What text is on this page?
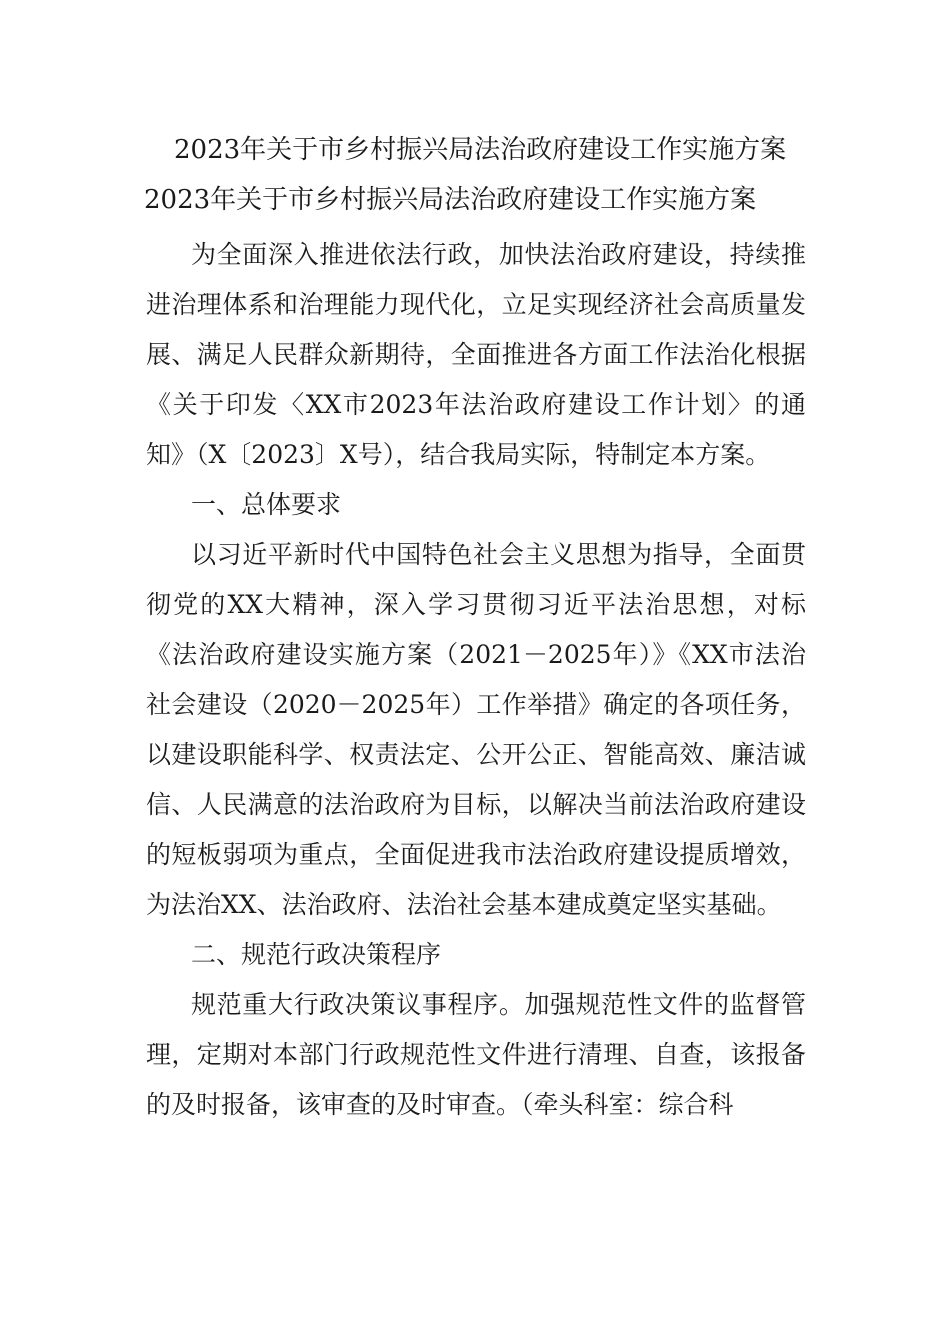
2023年关于市乡村振兴局法治政府建设工作实施方案
2023年关于市乡村振兴局法治政府建设工作实施方案

为全面深入推进依法行政，加快法治政府建设，持续推进治理体系和治理能力现代化，立足实现经济社会高质量发展、满足人民群众新期待，全面推进各方面工作法治化根据《关于印发〈XX市2023年法治政府建设工作计划〉的通知》（X〔2023〕X号），结合我局实际，特制定本方案。

一、总体要求

以习近平新时代中国特色社会主义思想为指导，全面贯彻党的XX大精神，深入学习贯彻习近平法治思想，对标《法治政府建设实施方案（2021－2025年）》《XX市法治社会建设（2020－2025年）工作举措》确定的各项任务，以建设职能科学、权责法定、公开公正、智能高效、廉洁诚信、人民满意的法治政府为目标，以解决当前法治政府建设的短板弱项为重点，全面促进我市法治政府建设提质增效，为法治XX、法治政府、法治社会基本建成奠定坚实基础。

二、规范行政决策程序

规范重大行政决策议事程序。加强规范性文件的监督管理，定期对本部门行政规范性文件进行清理、自查，该报备的及时报备，该审查的及时审查。（牵头科室：综合科
